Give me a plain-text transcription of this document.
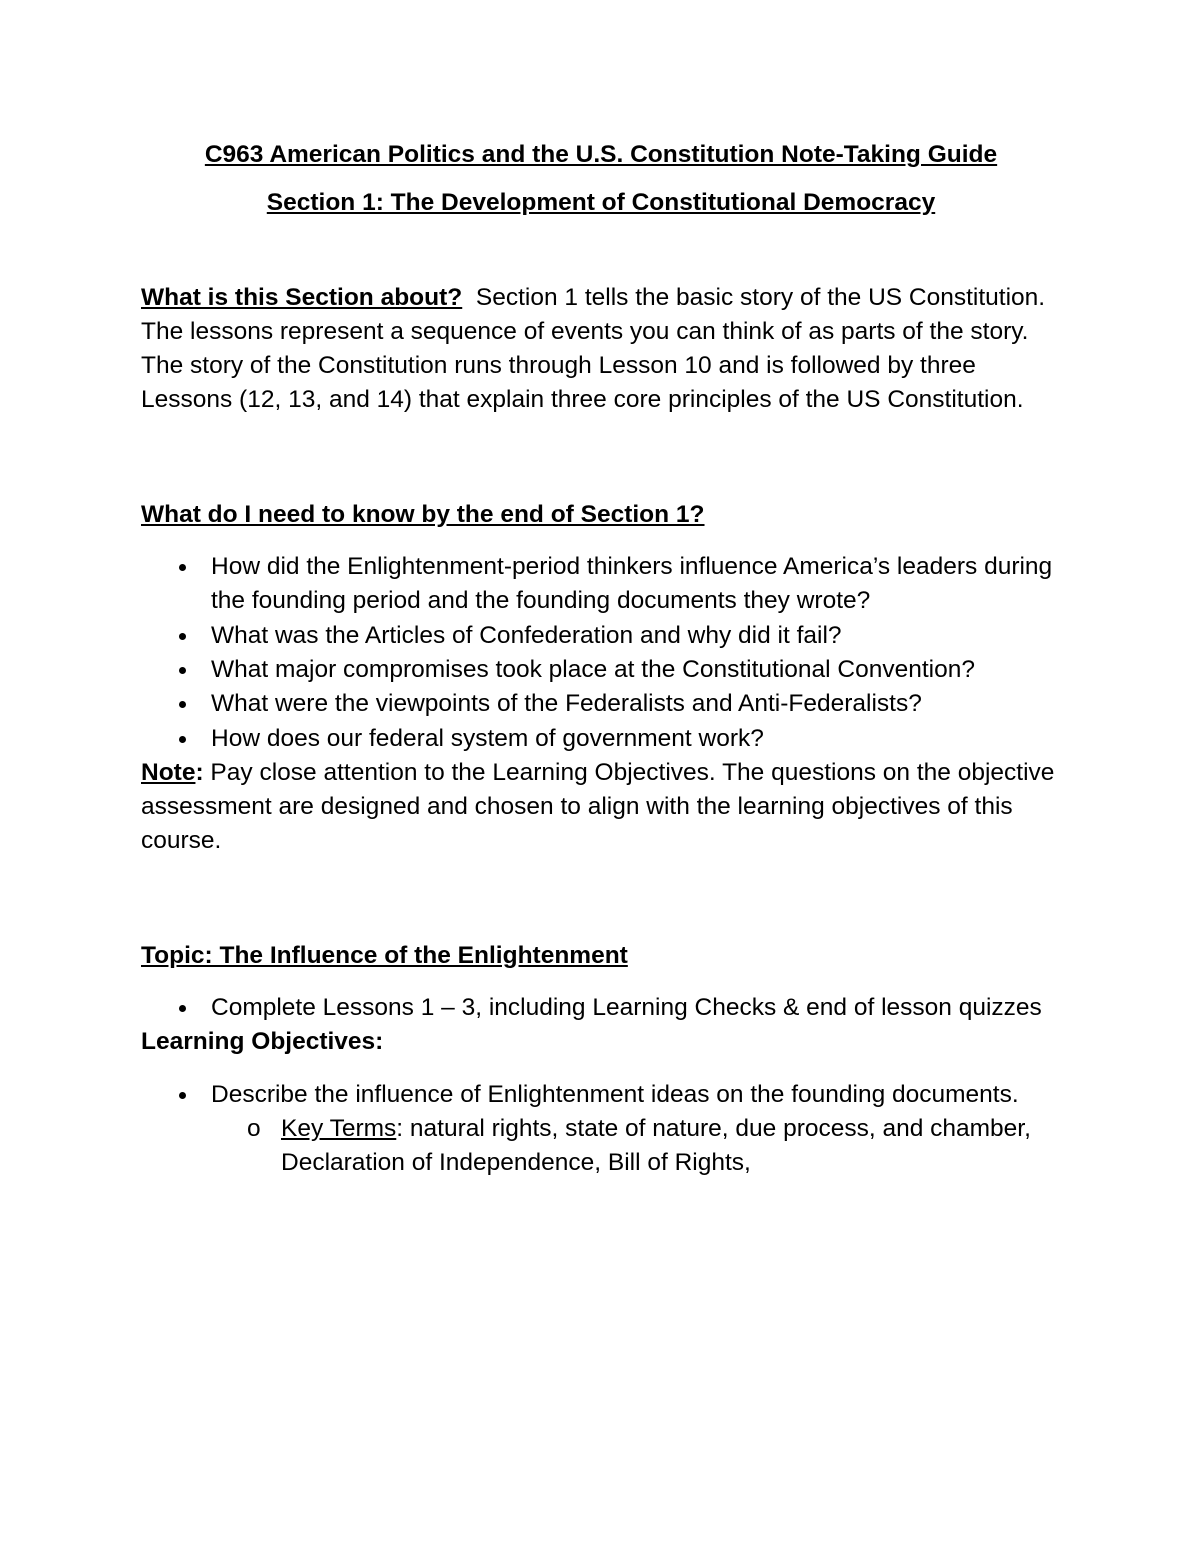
C963 American Politics and the U.S. Constitution Note-Taking Guide

Section 1: The Development of Constitutional Democracy

What is this Section about? Section 1 tells the basic story of the US Constitution. The lessons represent a sequence of events you can think of as parts of the story. The story of the Constitution runs through Lesson 10 and is followed by three Lessons (12, 13, and 14) that explain three core principles of the US Constitution.

What do I need to know by the end of Section 1?

How did the Enlightenment-period thinkers influence America’s leaders during the founding period and the founding documents they wrote?
What was the Articles of Confederation and why did it fail?
What major compromises took place at the Constitutional Convention?
What were the viewpoints of the Federalists and Anti-Federalists?
How does our federal system of government work?

Note: Pay close attention to the Learning Objectives. The questions on the objective assessment are designed and chosen to align with the learning objectives of this course.

Topic: The Influence of the Enlightenment

Complete Lessons 1 – 3, including Learning Checks & end of lesson quizzes

Learning Objectives:

Describe the influence of Enlightenment ideas on the founding documents.
o Key Terms: natural rights, state of nature, due process, and chamber, Declaration of Independence, Bill of Rights,
